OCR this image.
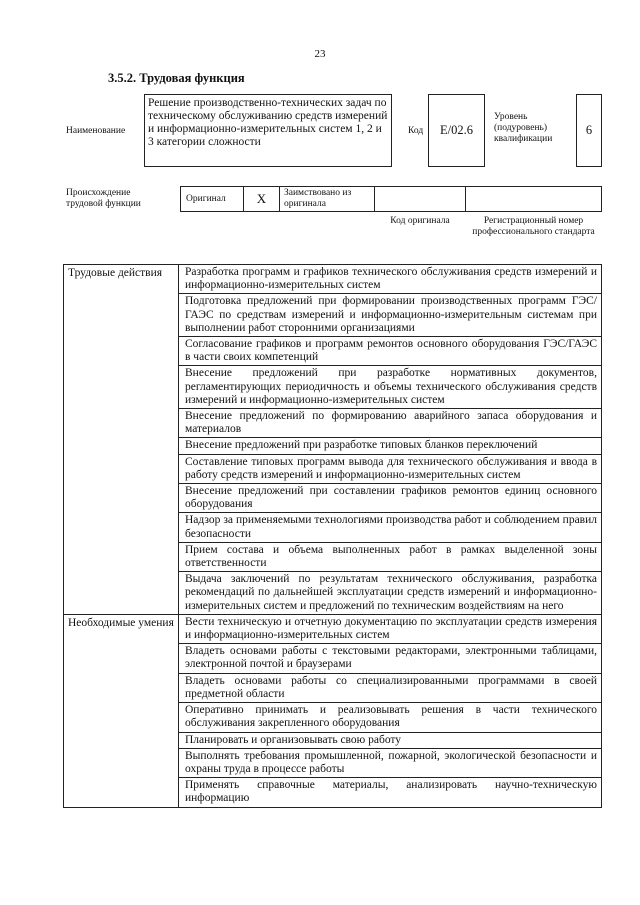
23
3.5.2. Трудовая функция
Наименование
Решение производственно-технических задач по техническому обслуживанию средств измерений и информационно-измерительных систем 1, 2 и 3 категории сложности
Код	E/02.6
Уровень (подуровень) квалификации
6
Происхождение трудовой функции	Оригинал	X	Заимствовано из оригинала
Код оригинала	Регистрационный номер профессионального стандарта
Трудовые действия	Разработка программ и графиков технического обслуживания средств измерений и информационно-измерительных систем
	Подготовка предложений при формировании производственных программ ГЭС/ГАЭС по средствам измерений и информационно-измерительным системам при выполнении работ сторонними организациями
	Согласование графиков и программ ремонтов основного оборудования ГЭС/ГАЭС в части своих компетенций
	Внесение предложений при разработке нормативных документов, регламентирующих периодичность и объемы технического обслуживания средств измерений и информационно-измерительных систем
	Внесение предложений по формированию аварийного запаса оборудования и материалов
	Внесение предложений при разработке типовых бланков переключений
	Составление типовых программ вывода для технического обслуживания и ввода в работу средств измерений и информационно-измерительных систем
	Внесение предложений при составлении графиков ремонтов единиц основного оборудования
	Надзор за применяемыми технологиями производства работ и соблюдением правил безопасности
	Прием состава и объема выполненных работ в рамках выделенной зоны ответственности
	Выдача заключений по результатам технического обслуживания, разработка рекомендаций по дальнейшей эксплуатации средств измерений и информационно-измерительных систем и предложений по техническим воздействиям на него
Необходимые умения	Вести техническую и отчетную документацию по эксплуатации средств измерения и информационно-измерительных систем
	Владеть основами работы с текстовыми редакторами, электронными таблицами, электронной почтой и браузерами
	Владеть основами работы со специализированными программами в своей предметной области
	Оперативно принимать и реализовывать решения в части технического обслуживания закрепленного оборудования
	Планировать и организовывать свою работу
	Выполнять требования промышленной, пожарной, экологической безопасности и охраны труда в процессе работы
	Применять справочные материалы, анализировать научно-техническую информацию
